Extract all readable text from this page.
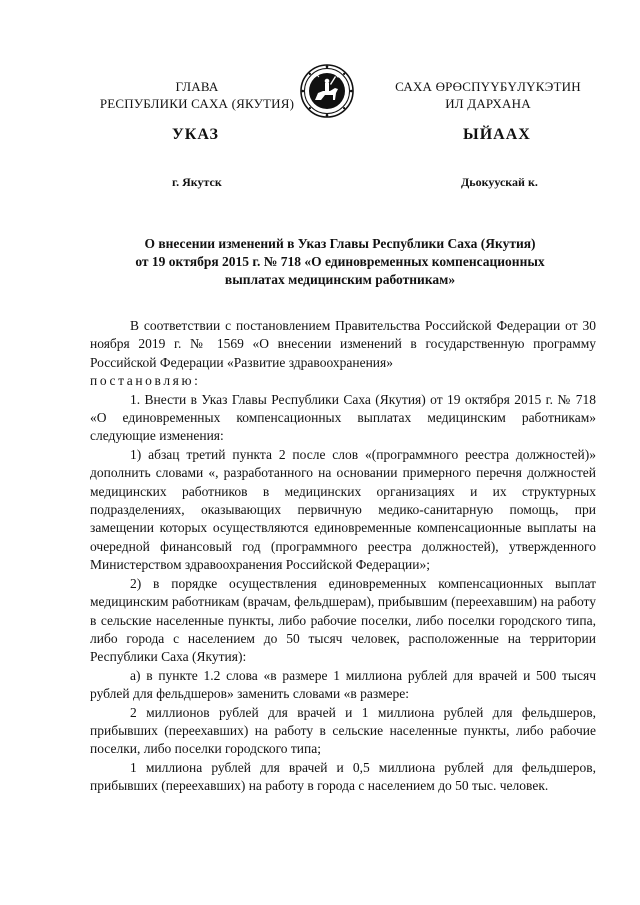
ГЛАВА
РЕСПУБЛИКИ САХА (ЯКУТИЯ)
САХА ӨРӨСПҮҮБҮЛҮКЭТИН
ИЛ ДАРХАНА
УКАЗ	ЫЙААХ
г. Якутск	Дьокуускай к.
О внесении изменений в Указ Главы Республики Саха (Якутия)
от 19 октября 2015 г. № 718 «О единовременных компенсационных
выплатах медицинским работникам»

В соответствии с постановлением Правительства Российской Федерации от 30 ноября 2019 г. № 1569 «О внесении изменений в государственную программу Российской Федерации «Развитие здравоохранения»

постановляю:

1. Внести в Указ Главы Республики Саха (Якутия) от 19 октября 2015 г. № 718 «О единовременных компенсационных выплатах медицинским работникам» следующие изменения:

1) абзац третий пункта 2 после слов «(программного реестра должностей)» дополнить словами «, разработанного на основании примерного перечня должностей медицинских работников в медицинских организациях и их структурных подразделениях, оказывающих первичную медико-санитарную помощь, при замещении которых осуществляются единовременные компенсационные выплаты на очередной финансовый год (программного реестра должностей), утвержденного Министерством здравоохранения Российской Федерации»;

2) в порядке осуществления единовременных компенсационных выплат медицинским работникам (врачам, фельдшерам), прибывшим (переехавшим) на работу в сельские населенные пункты, либо рабочие поселки, либо поселки городского типа, либо города с населением до 50 тысяч человек, расположенные на территории Республики Саха (Якутия):

а) в пункте 1.2 слова «в размере 1 миллиона рублей для врачей и 500 тысяч рублей для фельдшеров» заменить словами «в размере:

2 миллионов рублей для врачей и 1 миллиона рублей для фельдшеров, прибывших (переехавших) на работу в сельские населенные пункты, либо рабочие поселки, либо поселки городского типа;

1 миллиона рублей для врачей и 0,5 миллиона рублей для фельдшеров, прибывших (переехавших) на работу в города с населением до 50 тыс. человек.
